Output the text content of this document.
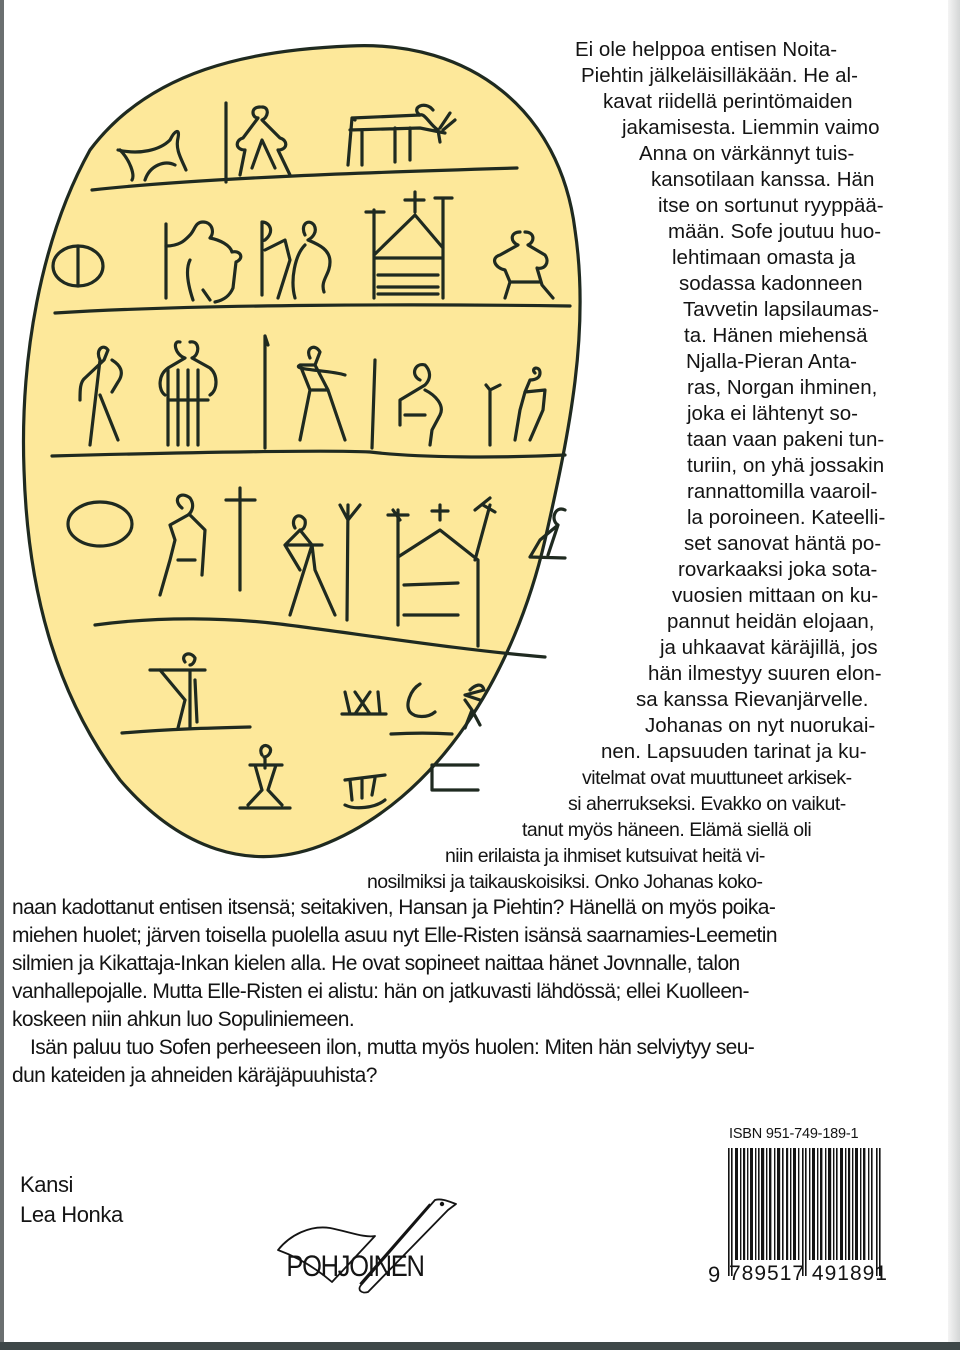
Ei ole helppoa entisen Noita-
Piehtin jälkeläisilläkään. He al-
kavat riidellä perintömaiden
jakamisesta. Liemmin vaimo
Anna on värkännyt tuis-
kansotilaan kanssa. Hän
itse on sortunut ryyppää-
mään. Sofe joutuu huo-
lehtimaan omasta ja
sodassa kadonneen
Tavvetin lapsilaumas-
ta. Hänen miehensä
Njalla-Pieran Anta-
ras, Norgan ihminen,
joka ei lähtenyt so-
taan vaan pakeni tun-
turiin, on yhä jossakin
rannattomilla vaaroil-
la poroineen. Kateelli-
set sanovat häntä po-
rovarkaaksi joka sota-
vuosien mittaan on ku-
pannut heidän elojaan,
ja uhkaavat käräjillä, jos
hän ilmestyy suuren elon-
sa kanssa Rievanjärvelle.
Johanas on nyt nuorukai-
nen. Lapsuuden tarinat ja ku-
vitelmat ovat muuttuneet arkisek-
si aherrukseksi. Evakko on vaikut-
tanut myös häneen. Elämä siellä oli
niin erilaista ja ihmiset kutsuivat heitä vi-
nosilmiksi ja taikauskoisiksi. Onko Johanas koko-
naan kadottanut entisen itsensä; seitakiven, Hansan ja Piehtin? Hänellä on myös poika-
miehen huolet; järven toisella puolella asuu nyt Elle-Risten isänsä saarnamies-Leemetin
silmien ja Kikattaja-Inkan kielen alla. He ovat sopineet naittaa hänet Jovnnalle, talon
vanhallepojalle. Mutta Elle-Risten ei alistu: hän on jatkuvasti lähdössä; ellei Kuolleen-
koskeen niin ahkun luo Sopuliniemeen.
Isän paluu tuo Sofen perheeseen ilon, mutta myös huolen: Miten hän selviytyy seu-
dun kateiden ja ahneiden käräjäpuuhista?
Kansi
Lea Honka
POHJOINEN
ISBN 951-749-189-1
9 789517 491891
